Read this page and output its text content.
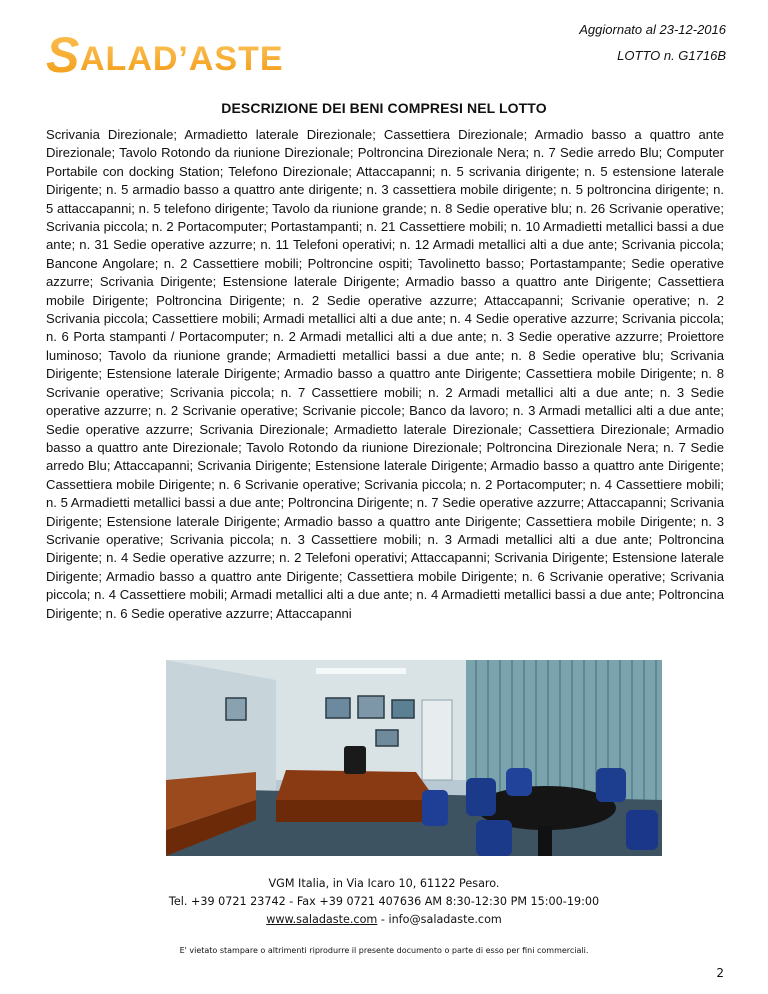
S ALAD’ASTE
Aggiornato al 23-12-2016
LOTTO n. G1716B
DESCRIZIONE DEI BENI COMPRESI NEL LOTTO
Scrivania Direzionale; Armadietto laterale Direzionale; Cassettiera Direzionale; Armadio basso a quattro ante Direzionale; Tavolo Rotondo da riunione Direzionale; Poltroncina Direzionale Nera; n. 7 Sedie arredo Blu; Computer Portabile con docking Station; Telefono Direzionale; Attaccapanni; n. 5 scrivania dirigente; n. 5 estensione laterale Dirigente; n. 5 armadio basso a quattro ante dirigente; n. 3 cassettiera mobile dirigente; n. 5 poltroncina dirigente; n. 5 attaccapanni; n. 5 telefono dirigente; Tavolo da riunione grande; n. 8 Sedie operative blu; n. 26 Scrivanie operative; Scrivania piccola; n. 2 Portacomputer; Portastampanti; n. 21 Cassettiere mobili; n. 10 Armadietti metallici bassi a due ante; n. 31 Sedie operative azzurre; n. 11 Telefoni operativi; n. 12 Armadi metallici alti a due ante; Scrivania piccola; Bancone Angolare; n. 2 Cassettiere mobili; Poltroncine ospiti; Tavolinetto basso; Portastampante; Sedie operative azzurre; Scrivania Dirigente; Estensione laterale Dirigente; Armadio basso a quattro ante Dirigente; Cassettiera mobile Dirigente; Poltroncina Dirigente; n. 2 Sedie operative azzurre; Attaccapanni; Scrivanie operative; n. 2 Scrivania piccola; Cassettiere mobili; Armadi metallici alti a due ante; n. 4 Sedie operative azzurre; Scrivania piccola; n. 6 Porta stampanti / Portacomputer; n. 2 Armadi metallici alti a due ante; n. 3 Sedie operative azzurre; Proiettore luminoso; Tavolo da riunione grande; Armadietti metallici bassi a due ante; n. 8 Sedie operative blu; Scrivania Dirigente; Estensione laterale Dirigente; Armadio basso a quattro ante Dirigente; Cassettiera mobile Dirigente; n. 8 Scrivanie operative; Scrivania piccola; n. 7 Cassettiere mobili; n. 2 Armadi metallici alti a due ante; n. 3 Sedie operative azzurre; n. 2 Scrivanie operative; Scrivanie piccole; Banco da lavoro; n. 3 Armadi metallici alti a due ante; Sedie operative azzurre; Scrivania Direzionale; Armadietto laterale Direzionale; Cassettiera Direzionale; Armadio basso a quattro ante Direzionale; Tavolo Rotondo da riunione Direzionale; Poltroncina Direzionale Nera; n. 7 Sedie arredo Blu; Attaccapanni; Scrivania Dirigente; Estensione laterale Dirigente; Armadio basso a quattro ante Dirigente; Cassettiera mobile Dirigente; n. 6 Scrivanie operative; Scrivania piccola; n. 2 Portacomputer; n. 4 Cassettiere mobili; n. 5 Armadietti metallici bassi a due ante; Poltroncina Dirigente; n. 7 Sedie operative azzurre; Attaccapanni; Scrivania Dirigente; Estensione laterale Dirigente; Armadio basso a quattro ante Dirigente; Cassettiera mobile Dirigente; n. 3 Scrivanie operative; Scrivania piccola; n. 3 Cassettiere mobili; n. 3 Armadi metallici alti a due ante; Poltroncina Dirigente; n. 4 Sedie operative azzurre; n. 2 Telefoni operativi; Attaccapanni; Scrivania Dirigente; Estensione laterale Dirigente; Armadio basso a quattro ante Dirigente; Cassettiera mobile Dirigente; n. 6 Scrivanie operative; Scrivania piccola; n. 4 Cassettiere mobili; Armadi metallici alti a due ante; n. 4 Armadietti metallici bassi a due ante; Poltroncina Dirigente; n. 6 Sedie operative azzurre; Attaccapanni
VGM Italia, in Via Icaro 10, 61122 Pesaro.
Tel. +39 0721 23742 - Fax +39 0721 407636 AM 8:30-12:30 PM 15:00-19:00
www.saladaste.com - info@saladaste.com
E' vietato stampare o altrimenti riprodurre il presente documento o parte di esso per fini commerciali.
2
